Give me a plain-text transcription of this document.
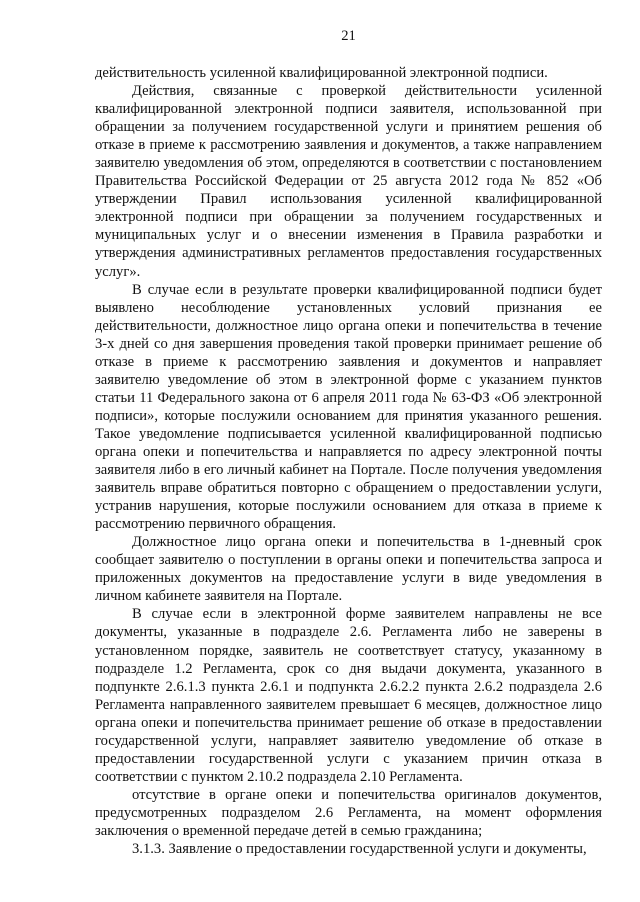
21

действительность усиленной квалифицированной электронной подписи.

Действия, связанные с проверкой действительности усиленной квалифицированной электронной подписи заявителя, использованной при обращении за получением государственной услуги и принятием решения об отказе в приеме к рассмотрению заявления и документов, а также направлением заявителю уведомления об этом, определяются в соответствии с постановлением Правительства Российской Федерации от 25 августа 2012 года № 852 «Об утверждении Правил использования усиленной квалифицированной электронной подписи при обращении за получением государственных и муниципальных услуг и о внесении изменения в Правила разработки и утверждения административных регламентов предоставления государственных услуг».

В случае если в результате проверки квалифицированной подписи будет выявлено несоблюдение установленных условий признания ее действительности, должностное лицо органа опеки и попечительства в течение 3-х дней со дня завершения проведения такой проверки принимает решение об отказе в приеме к рассмотрению заявления и документов и направляет заявителю уведомление об этом в электронной форме с указанием пунктов статьи 11 Федерального закона от 6 апреля 2011 года № 63-ФЗ «Об электронной подписи», которые послужили основанием для принятия указанного решения. Такое уведомление подписывается усиленной квалифицированной подписью органа опеки и попечительства и направляется по адресу электронной почты заявителя либо в его личный кабинет на Портале. После получения уведомления заявитель вправе обратиться повторно с обращением о предоставлении услуги, устранив нарушения, которые послужили основанием для отказа в приеме к рассмотрению первичного обращения.

Должностное лицо органа опеки и попечительства в 1-дневный срок сообщает заявителю о поступлении в органы опеки и попечительства запроса и приложенных документов на предоставление услуги в виде уведомления в личном кабинете заявителя на Портале.

В случае если в электронной форме заявителем направлены не все документы, указанные в подразделе 2.6. Регламента либо не заверены в установленном порядке, заявитель не соответствует статусу, указанному в подразделе 1.2 Регламента, срок со дня выдачи документа, указанного в подпункте 2.6.1.3 пункта 2.6.1 и подпункта 2.6.2.2 пункта 2.6.2 подраздела 2.6 Регламента направленного заявителем превышает 6 месяцев, должностное лицо органа опеки и попечительства принимает решение об отказе в предоставлении государственной услуги, направляет заявителю уведомление об отказе в предоставлении государственной услуги с указанием причин отказа в соответствии с пунктом 2.10.2 подраздела 2.10 Регламента.

отсутствие в органе опеки и попечительства оригиналов документов, предусмотренных подразделом 2.6 Регламента, на момент оформления заключения о временной передаче детей в семью гражданина;

3.1.3. Заявление о предоставлении государственной услуги и документы,
